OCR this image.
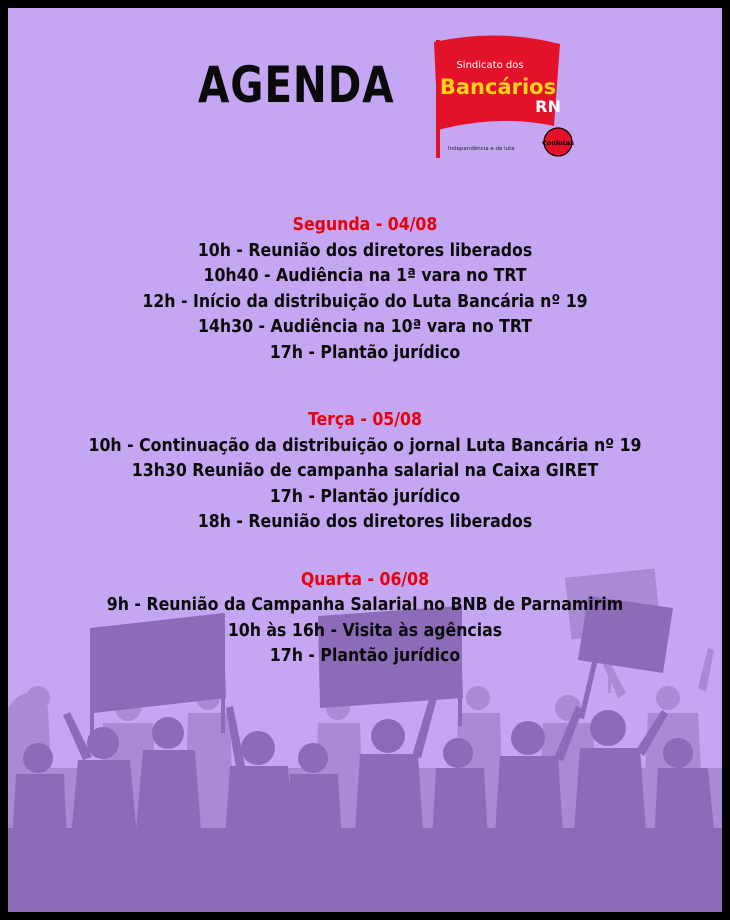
AGENDA	Sindicato dos
Bancários
RN
Independência e de luta
Conlutas
Segunda - 04/08
10h - Reunião dos diretores liberados
10h40 - Audiência na 1ª vara no TRT
12h - Início da distribuição do Luta Bancária nº 19
14h30 - Audiência na 10ª vara no TRT
17h - Plantão jurídico
Terça - 05/08
10h - Continuação da distribuição o jornal Luta Bancária nº 19
13h30 Reunião de campanha salarial na Caixa GIRET
17h - Plantão jurídico
18h - Reunião dos diretores liberados
Quarta - 06/08
9h - Reunião da Campanha Salarial no BNB de Parnamirim
10h às 16h - Visita às agências
17h - Plantão jurídico
